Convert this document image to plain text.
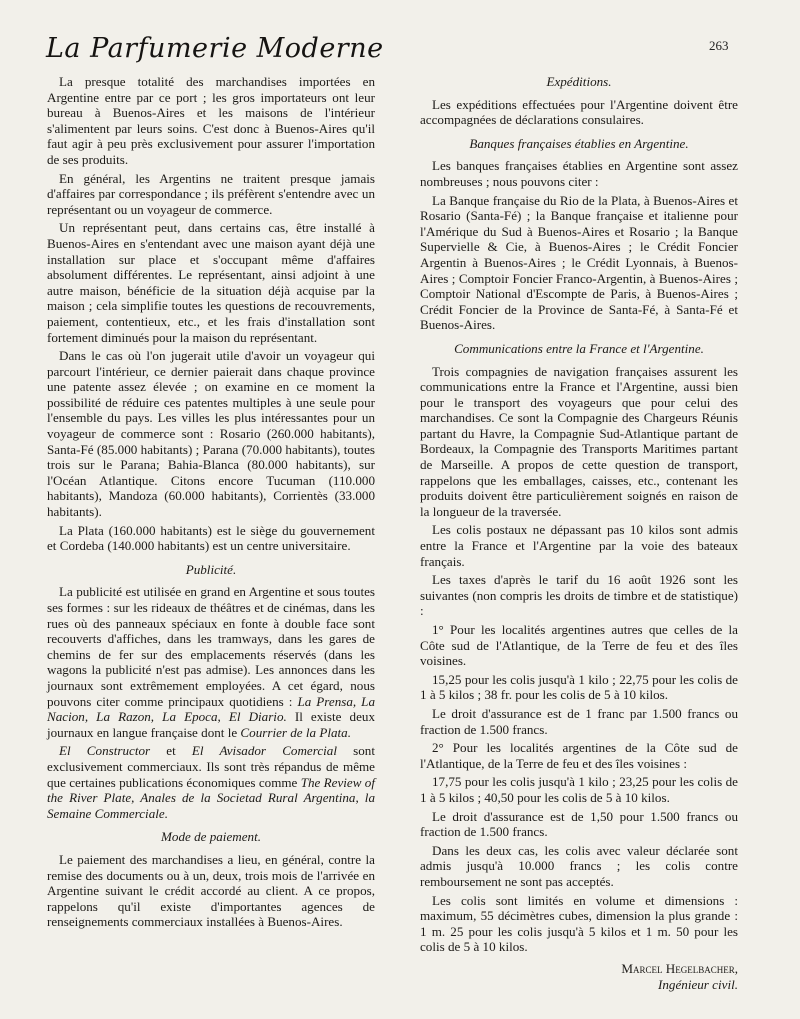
La Parfumerie Moderne	263

La presque totalité des marchandises importées en Argentine entre par ce port ; les gros importateurs ont leur bureau à Buenos-Aires et les maisons de l'intérieur s'alimentent par leurs soins. C'est donc à Buenos-Aires qu'il faut agir à peu près exclusivement pour assurer l'importation de ses produits.

En général, les Argentins ne traitent presque jamais d'affaires par correspondance ; ils préfèrent s'entendre avec un représentant ou un voyageur de commerce.

Un représentant peut, dans certains cas, être installé à Buenos-Aires en s'entendant avec une maison ayant déjà une installation sur place et s'occupant même d'affaires absolument différentes. Le représentant, ainsi adjoint à une autre maison, bénéficie de la situation déjà acquise par la maison ; cela simplifie toutes les questions de recouvrements, paiement, contentieux, etc., et les frais d'installation sont fortement diminués pour la maison du représentant.

Dans le cas où l'on jugerait utile d'avoir un voyageur qui parcourt l'intérieur, ce dernier paierait dans chaque province une patente assez élevée ; on examine en ce moment la possibilité de réduire ces patentes multiples à une seule pour l'ensemble du pays. Les villes les plus intéressantes pour un voyageur de commerce sont : Rosario (260.000 habitants), Santa-Fé (85.000 habitants) ; Parana (70.000 habitants), toutes trois sur le Parana; Bahia-Blanca (80.000 habitants), sur l'Océan Atlantique. Citons encore Tucuman (110.000 habitants), Mandoza (60.000 habitants), Corrientès (33.000 habitants).

La Plata (160.000 habitants) est le siège du gouvernement et Cordeba (140.000 habitants) est un centre universitaire.

Publicité.

La publicité est utilisée en grand en Argentine et sous toutes ses formes : sur les rideaux de théâtres et de cinémas, dans les rues où des panneaux spéciaux en fonte à double face sont recouverts d'affiches, dans les tramways, dans les gares de chemins de fer sur des emplacements réservés (dans les wagons la publicité n'est pas admise). Les annonces dans les journaux sont extrêmement employées. A cet égard, nous pouvons citer comme principaux quotidiens : La Prensa, La Nacion, La Razon, La Epoca, El Diario. Il existe deux journaux en langue française dont le Courrier de la Plata.

El Constructor et El Avisador Comercial sont exclusivement commerciaux. Ils sont très répandus de même que certaines publications économiques comme The Review of the River Plate, Anales de la Societad Rural Argentina, la Semaine Commerciale.

Mode de paiement.

Le paiement des marchandises a lieu, en général, contre la remise des documents ou à un, deux, trois mois de l'arrivée en Argentine suivant le crédit accordé au client. A ce propos, rappelons qu'il existe d'importantes agences de renseignements commerciaux installées à Buenos-Aires.

Expéditions.

Les expéditions effectuées pour l'Argentine doivent être accompagnées de déclarations consulaires.

Banques françaises établies en Argentine.

Les banques françaises établies en Argentine sont assez nombreuses ; nous pouvons citer :

La Banque française du Rio de la Plata, à Buenos-Aires et Rosario (Santa-Fé) ; la Banque française et italienne pour l'Amérique du Sud à Buenos-Aires et Rosario ; la Banque Supervielle & Cie, à Buenos-Aires ; le Crédit Foncier Argentin à Buenos-Aires ; le Crédit Lyonnais, à Buenos-Aires ; Comptoir Foncier Franco-Argentin, à Buenos-Aires ; Comptoir National d'Escompte de Paris, à Buenos-Aires ; Crédit Foncier de la Province de Santa-Fé, à Santa-Fé et Buenos-Aires.

Communications entre la France et l'Argentine.

Trois compagnies de navigation françaises assurent les communications entre la France et l'Argentine, aussi bien pour le transport des voyageurs que pour celui des marchandises. Ce sont la Compagnie des Chargeurs Réunis partant du Havre, la Compagnie Sud-Atlantique partant de Bordeaux, la Compagnie des Transports Maritimes partant de Marseille. A propos de cette question de transport, rappelons que les emballages, caisses, etc., contenant les produits doivent être particulièrement soignés en raison de la longueur de la traversée.

Les colis postaux ne dépassant pas 10 kilos sont admis entre la France et l'Argentine par la voie des bateaux français.

Les taxes d'après le tarif du 16 août 1926 sont les suivantes (non compris les droits de timbre et de statistique) :

1° Pour les localités argentines autres que celles de la Côte sud de l'Atlantique, de la Terre de feu et des îles voisines.

15,25 pour les colis jusqu'à 1 kilo ; 22,75 pour les colis de 1 à 5 kilos ; 38 fr. pour les colis de 5 à 10 kilos.

Le droit d'assurance est de 1 franc par 1.500 francs ou fraction de 1.500 francs.

2° Pour les localités argentines de la Côte sud de l'Atlantique, de la Terre de feu et des îles voisines :

17,75 pour les colis jusqu'à 1 kilo ; 23,25 pour les colis de 1 à 5 kilos ; 40,50 pour les colis de 5 à 10 kilos.

Le droit d'assurance est de 1,50 pour 1.500 francs ou fraction de 1.500 francs.

Dans les deux cas, les colis avec valeur déclarée sont admis jusqu'à 10.000 francs ; les colis contre remboursement ne sont pas acceptés.

Les colis sont limités en volume et dimensions : maximum, 55 décimètres cubes, dimension la plus grande : 1 m. 25 pour les colis jusqu'à 5 kilos et 1 m. 50 pour les colis de 5 à 10 kilos.

Marcel Hegelbacher,
Ingénieur civil.
